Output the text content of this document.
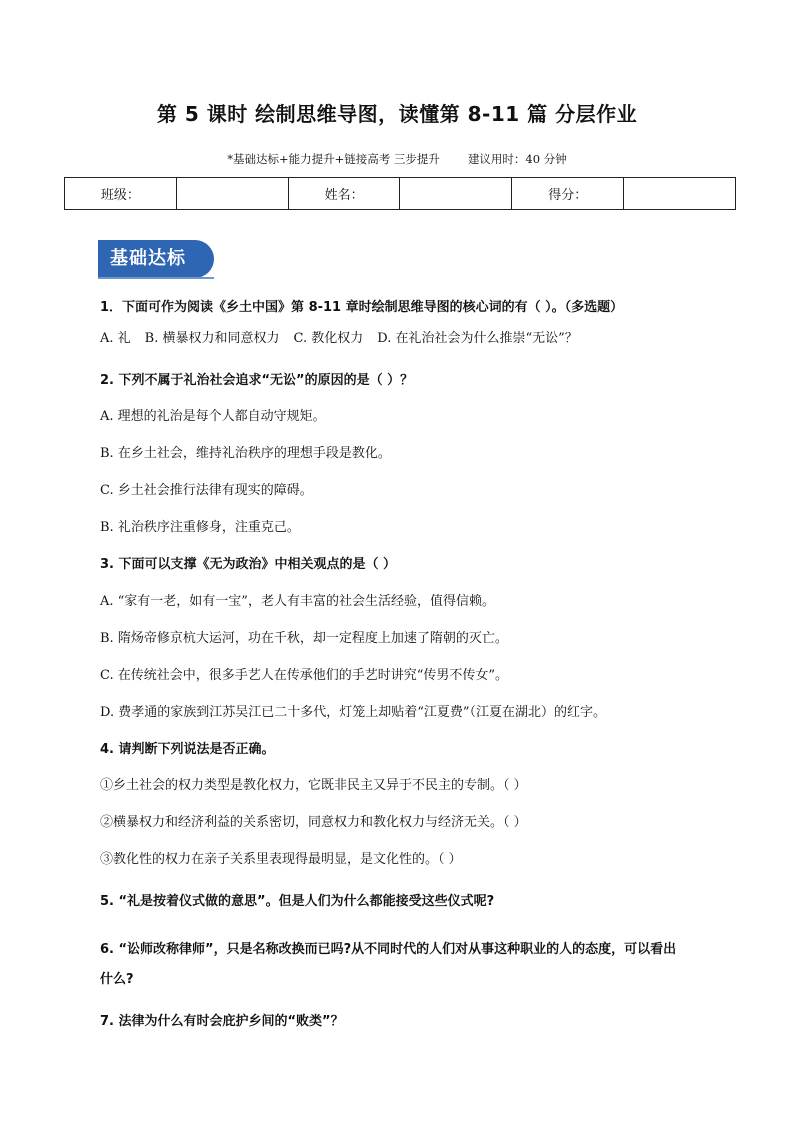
第 5 课时 绘制思维导图，读懂第 8-11 篇 分层作业
*基础达标+能力提升+链接高考 三步提升 建议用时：40 分钟
班级：		姓名：		得分：	
基础达标
1．下面可作为阅读《乡土中国》第 8-11 章时绘制思维导图的核心词的有（ ）。（多选题）
A. 礼 B. 横暴权力和同意权力 C. 教化权力 D. 在礼治社会为什么推崇“无讼”？
2. 下列不属于礼治社会追求“无讼”的原因的是（ ）？
A. 理想的礼治是每个人都自动守规矩。
B. 在乡土社会，维持礼治秩序的理想手段是教化。
C. 乡土社会推行法律有现实的障碍。
B. 礼治秩序注重修身，注重克己。
3. 下面可以支撑《无为政治》中相关观点的是（ ）
A. “家有一老，如有一宝”，老人有丰富的社会生活经验，值得信赖。
B. 隋炀帝修京杭大运河，功在千秋，却一定程度上加速了隋朝的灭亡。
C. 在传统社会中，很多手艺人在传承他们的手艺时讲究“传男不传女”。
D. 费孝通的家族到江苏吴江已二十多代，灯笼上却贴着“江夏费”（江夏在湖北）的红字。
4. 请判断下列说法是否正确。
①乡土社会的权力类型是教化权力，它既非民主又异于不民主的专制。（ ）
②横暴权力和经济利益的关系密切，同意权力和教化权力与经济无关。（ ）
③教化性的权力在亲子关系里表现得最明显，是文化性的。（ ）
5. “礼是按着仪式做的意思”。但是人们为什么都能接受这些仪式呢?
6. “讼师改称律师”，只是名称改换而已吗?从不同时代的人们对从事这种职业的人的态度，可以看出
什么?
7. 法律为什么有时会庇护乡间的“败类”？
